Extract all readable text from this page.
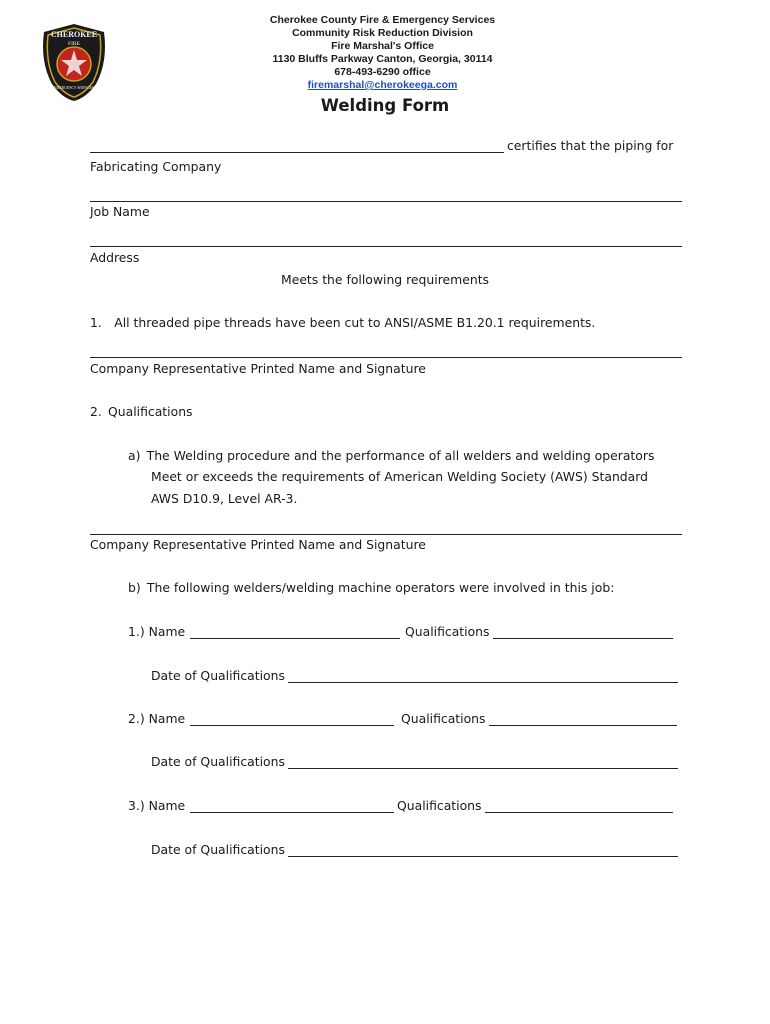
CHEROKEE
FIRE
EMERGENCY SERVICES
Cherokee County Fire & Emergency Services
Community Risk Reduction Division
Fire Marshal's Office
1130 Bluffs Parkway Canton, Georgia, 30114
678-493-6290 office
firemarshal@cherokeega.com
Welding Form
certifies that the piping for
Fabricating Company
Job Name
Address
Meets the following requirements
1.  All threaded pipe threads have been cut to ANSI/ASME B1.20.1 requirements.
Company Representative Printed Name and Signature
2. Qualifications
a) The Welding procedure and the performance of all welders and welding operators
Meet or exceeds the requirements of American Welding Society (AWS) Standard
AWS D10.9, Level AR-3.
Company Representative Printed Name and Signature
b) The following welders/welding machine operators were involved in this job:
1.) Name	Qualifications
Date of Qualifications
2.) Name	Qualifications
Date of Qualifications
3.) Name	Qualifications
Date of Qualifications
